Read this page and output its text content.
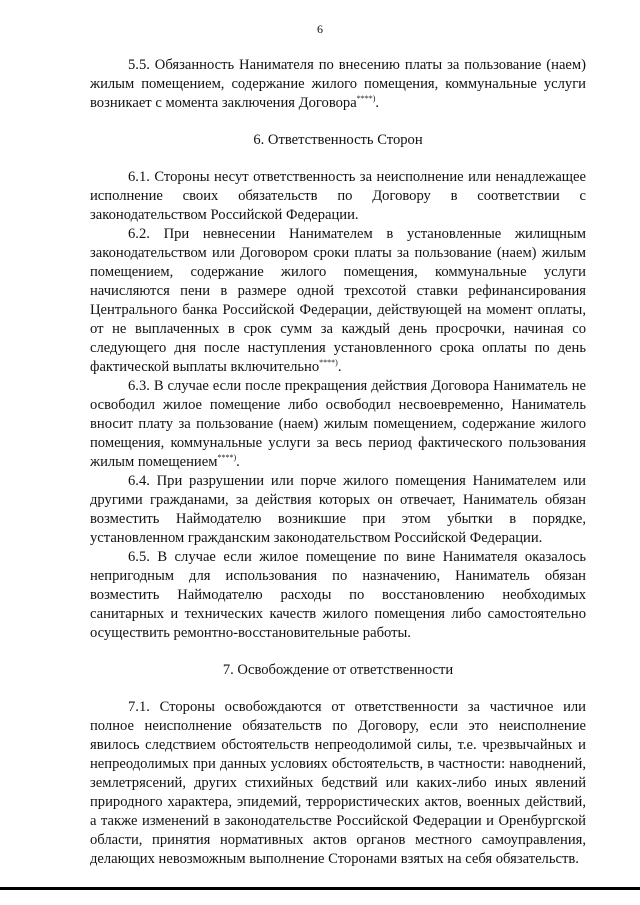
6

5.5. Обязанность Нанимателя по внесению платы за пользование (наем) жилым помещением, содержание жилого помещения, коммунальные услуги возникает с момента заключения Договора****).

6. Ответственность Сторон

6.1. Стороны несут ответственность за неисполнение или ненадлежащее исполнение своих обязательств по Договору в соответствии с законодательством Российской Федерации.

6.2. При невнесении Нанимателем в установленные жилищным законодательством или Договором сроки платы за пользование (наем) жилым помещением, содержание жилого помещения, коммунальные услуги начисляются пени в размере одной трехсотой ставки рефинансирования Центрального банка Российской Федерации, действующей на момент оплаты, от не выплаченных в срок сумм за каждый день просрочки, начиная со следующего дня после наступления установленного срока оплаты по день фактической выплаты включительно****).

6.3. В случае если после прекращения действия Договора Наниматель не освободил жилое помещение либо освободил несвоевременно, Наниматель вносит плату за пользование (наем) жилым помещением, содержание жилого помещения, коммунальные услуги за весь период фактического пользования жилым помещением****).

6.4. При разрушении или порче жилого помещения Нанимателем или другими гражданами, за действия которых он отвечает, Наниматель обязан возместить Наймодателю возникшие при этом убытки в порядке, установленном гражданским законодательством Российской Федерации.

6.5. В случае если жилое помещение по вине Нанимателя оказалось непригодным для использования по назначению, Наниматель обязан возместить Наймодателю расходы по восстановлению необходимых санитарных и технических качеств жилого помещения либо самостоятельно осуществить ремонтно-восстановительные работы.

7. Освобождение от ответственности

7.1. Стороны освобождаются от ответственности за частичное или полное неисполнение обязательств по Договору, если это неисполнение явилось следствием обстоятельств непреодолимой силы, т.е. чрезвычайных и непреодолимых при данных условиях обстоятельств, в частности: наводнений, землетрясений, других стихийных бедствий или каких-либо иных явлений природного характера, эпидемий, террористических актов, военных действий, а также изменений в законодательстве Российской Федерации и Оренбургской области, принятия нормативных актов органов местного самоуправления, делающих невозможным выполнение Сторонами взятых на себя обязательств.
